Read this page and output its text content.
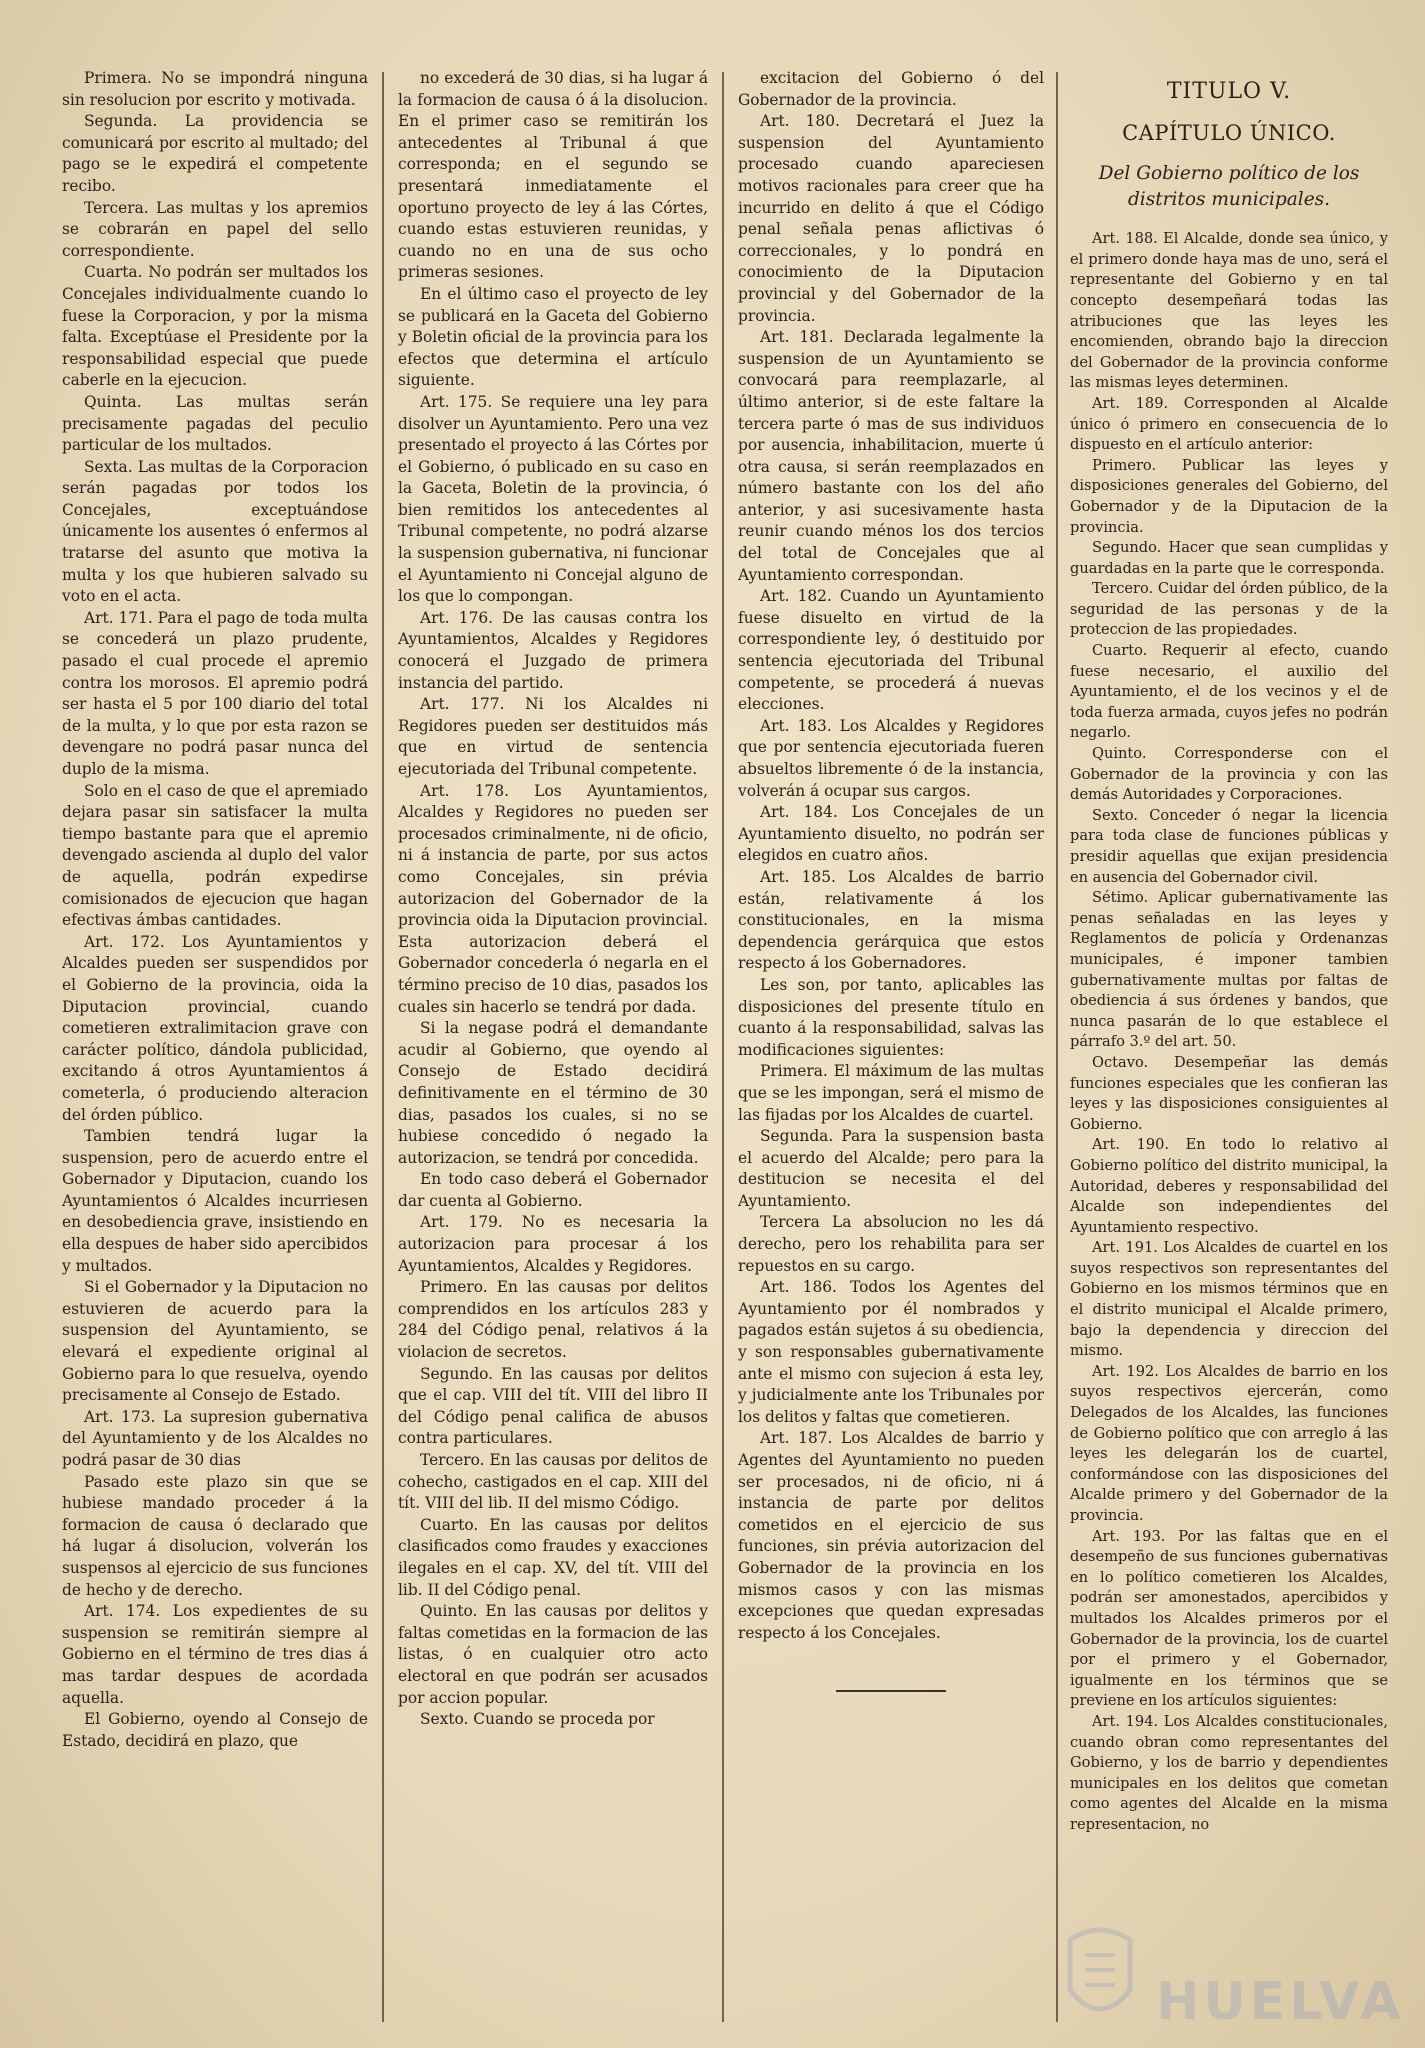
Primera. No se impondrá ninguna sin resolucion por escrito y motivada.

Segunda. La providencia se comunicará por escrito al multado; del pago se le expedirá el competente recibo.

Tercera. Las multas y los apremios se cobrarán en papel del sello correspondiente.

Cuarta. No podrán ser multados los Concejales individualmente cuando lo fuese la Corporacion, y por la misma falta. Exceptúase el Presidente por la responsabilidad especial que puede caberle en la ejecucion.

Quinta. Las multas serán precisamente pagadas del peculio particular de los multados.

Sexta. Las multas de la Corporacion serán pagadas por todos los Concejales, exceptuándose únicamente los ausentes ó enfermos al tratarse del asunto que motiva la multa y los que hubieren salvado su voto en el acta.

Art. 171. Para el pago de toda multa se concederá un plazo prudente, pasado el cual procede el apremio contra los morosos. El apremio podrá ser hasta el 5 por 100 diario del total de la multa, y lo que por esta razon se devengare no podrá pasar nunca del duplo de la misma.

Solo en el caso de que el apremiado dejara pasar sin satisfacer la multa tiempo bastante para que el apremio devengado ascienda al duplo del valor de aquella, podrán expedirse comisionados de ejecucion que hagan efectivas ámbas cantidades.

Art. 172. Los Ayuntamientos y Alcaldes pueden ser suspendidos por el Gobierno de la provincia, oida la Diputacion provincial, cuando cometieren extralimitacion grave con carácter político, dándola publicidad, excitando á otros Ayuntamientos á cometerla, ó produciendo alteracion del órden público.

Tambien tendrá lugar la suspension, pero de acuerdo entre el Gobernador y Diputacion, cuando los Ayuntamientos ó Alcaldes incurriesen en desobediencia grave, insistiendo en ella despues de haber sido apercibidos y multados.

Si el Gobernador y la Diputacion no estuvieren de acuerdo para la suspension del Ayuntamiento, se elevará el expediente original al Gobierno para lo que resuelva, oyendo precisamente al Consejo de Estado.

Art. 173. La supresion gubernativa del Ayuntamiento y de los Alcaldes no podrá pasar de 30 dias

Pasado este plazo sin que se hubiese mandado proceder á la formacion de causa ó declarado que há lugar á disolucion, volverán los suspensos al ejercicio de sus funciones de hecho y de derecho.

Art. 174. Los expedientes de su suspension se remitirán siempre al Gobierno en el término de tres dias á mas tardar despues de acordada aquella.

El Gobierno, oyendo al Consejo de Estado, decidirá en plazo, que

no excederá de 30 dias, si ha lugar á la formacion de causa ó á la disolucion. En el primer caso se remitirán los antecedentes al Tribunal á que corresponda; en el segundo se presentará inmediatamente el oportuno proyecto de ley á las Córtes, cuando estas estuvieren reunidas, y cuando no en una de sus ocho primeras sesiones.

En el último caso el proyecto de ley se publicará en la Gaceta del Gobierno y Boletin oficial de la provincia para los efectos que determina el artículo siguiente.

Art. 175. Se requiere una ley para disolver un Ayuntamiento. Pero una vez presentado el proyecto á las Córtes por el Gobierno, ó publicado en su caso en la Gaceta, Boletin de la provincia, ó bien remitidos los antecedentes al Tribunal competente, no podrá alzarse la suspension gubernativa, ni funcionar el Ayuntamiento ni Concejal alguno de los que lo compongan.

Art. 176. De las causas contra los Ayuntamientos, Alcaldes y Regidores conocerá el Juzgado de primera instancia del partido.

Art. 177. Ni los Alcaldes ni Regidores pueden ser destituidos más que en virtud de sentencia ejecutoriada del Tribunal competente.

Art. 178. Los Ayuntamientos, Alcaldes y Regidores no pueden ser procesados criminalmente, ni de oficio, ni á instancia de parte, por sus actos como Concejales, sin prévia autorizacion del Gobernador de la provincia oida la Diputacion provincial. Esta autorizacion deberá el Gobernador concederla ó negarla en el término preciso de 10 dias, pasados los cuales sin hacerlo se tendrá por dada.

Si la negase podrá el demandante acudir al Gobierno, que oyendo al Consejo de Estado decidirá definitivamente en el término de 30 dias, pasados los cuales, si no se hubiese concedido ó negado la autorizacion, se tendrá por concedida.

En todo caso deberá el Gobernador dar cuenta al Gobierno.

Art. 179. No es necesaria la autorizacion para procesar á los Ayuntamientos, Alcaldes y Regidores.

Primero. En las causas por delitos comprendidos en los artículos 283 y 284 del Código penal, relativos á la violacion de secretos.

Segundo. En las causas por delitos que el cap. VIII del tít. VIII del libro II del Código penal califica de abusos contra particulares.

Tercero. En las causas por delitos de cohecho, castigados en el cap. XIII del tít. VIII del lib. II del mismo Código.

Cuarto. En las causas por delitos clasificados como fraudes y exacciones ilegales en el cap. XV, del tít. VIII del lib. II del Código penal.

Quinto. En las causas por delitos y faltas cometidas en la formacion de las listas, ó en cualquier otro acto electoral en que podrán ser acusados por accion popular.

Sexto. Cuando se proceda por

excitacion del Gobierno ó del Gobernador de la provincia.

Art. 180. Decretará el Juez la suspension del Ayuntamiento procesado cuando apareciesen motivos racionales para creer que ha incurrido en delito á que el Código penal señala penas aflictivas ó correccionales, y lo pondrá en conocimiento de la Diputacion provincial y del Gobernador de la provincia.

Art. 181. Declarada legalmente la suspension de un Ayuntamiento se convocará para reemplazarle, al último anterior, si de este faltare la tercera parte ó mas de sus individuos por ausencia, inhabilitacion, muerte ú otra causa, si serán reemplazados en número bastante con los del año anterior, y asi sucesivamente hasta reunir cuando ménos los dos tercios del total de Concejales que al Ayuntamiento correspondan.

Art. 182. Cuando un Ayuntamiento fuese disuelto en virtud de la correspondiente ley, ó destituido por sentencia ejecutoriada del Tribunal competente, se procederá á nuevas elecciones.

Art. 183. Los Alcaldes y Regidores que por sentencia ejecutoriada fueren absueltos libremente ó de la instancia, volverán á ocupar sus cargos.

Art. 184. Los Concejales de un Ayuntamiento disuelto, no podrán ser elegidos en cuatro años.

Art. 185. Los Alcaldes de barrio están, relativamente á los constitucionales, en la misma dependencia gerárquica que estos respecto á los Gobernadores.

Les son, por tanto, aplicables las disposiciones del presente título en cuanto á la responsabilidad, salvas las modificaciones siguientes:

Primera. El máximum de las multas que se les impongan, será el mismo de las fijadas por los Alcaldes de cuartel.

Segunda. Para la suspension basta el acuerdo del Alcalde; pero para la destitucion se necesita el del Ayuntamiento.

Tercera La absolucion no les dá derecho, pero los rehabilita para ser repuestos en su cargo.

Art. 186. Todos los Agentes del Ayuntamiento por él nombrados y pagados están sujetos á su obediencia, y son responsables gubernativamente ante el mismo con sujecion á esta ley, y judicialmente ante los Tribunales por los delitos y faltas que cometieren.

Art. 187. Los Alcaldes de barrio y Agentes del Ayuntamiento no pueden ser procesados, ni de oficio, ni á instancia de parte por delitos cometidos en el ejercicio de sus funciones, sin prévia autorizacion del Gobernador de la provincia en los mismos casos y con las mismas excepciones que quedan expresadas respecto á los Concejales.

TITULO V.

CAPÍTULO ÚNICO.

Del Gobierno político de los distritos municipales.

Art. 188. El Alcalde, donde sea único, y el primero donde haya mas de uno, será el representante del Gobierno y en tal concepto desempeñará todas las atribuciones que las leyes les encomienden, obrando bajo la direccion del Gobernador de la provincia conforme las mismas leyes determinen.

Art. 189. Corresponden al Alcalde único ó primero en consecuencia de lo dispuesto en el artículo anterior:

Primero. Publicar las leyes y disposiciones generales del Gobierno, del Gobernador y de la Diputacion de la provincia.

Segundo. Hacer que sean cumplidas y guardadas en la parte que le corresponda.

Tercero. Cuidar del órden público, de la seguridad de las personas y de la proteccion de las propiedades.

Cuarto. Requerir al efecto, cuando fuese necesario, el auxilio del Ayuntamiento, el de los vecinos y el de toda fuerza armada, cuyos jefes no podrán negarlo.

Quinto. Corresponderse con el Gobernador de la provincia y con las demás Autoridades y Corporaciones.

Sexto. Conceder ó negar la licencia para toda clase de funciones públicas y presidir aquellas que exijan presidencia en ausencia del Gobernador civil.

Sétimo. Aplicar gubernativamente las penas señaladas en las leyes y Reglamentos de policía y Ordenanzas municipales, é imponer tambien gubernativamente multas por faltas de obediencia á sus órdenes y bandos, que nunca pasarán de lo que establece el párrafo 3.º del art. 50.

Octavo. Desempeñar las demás funciones especiales que les confieran las leyes y las disposiciones consiguientes al Gobierno.

Art. 190. En todo lo relativo al Gobierno político del distrito municipal, la Autoridad, deberes y responsabilidad del Alcalde son independientes del Ayuntamiento respectivo.

Art. 191. Los Alcaldes de cuartel en los suyos respectivos son representantes del Gobierno en los mismos términos que en el distrito municipal el Alcalde primero, bajo la dependencia y direccion del mismo.

Art. 192. Los Alcaldes de barrio en los suyos respectivos ejercerán, como Delegados de los Alcaldes, las funciones de Gobierno político que con arreglo á las leyes les delegarán los de cuartel, conformándose con las disposiciones del Alcalde primero y del Gobernador de la provincia.

Art. 193. Por las faltas que en el desempeño de sus funciones gubernativas en lo político cometieren los Alcaldes, podrán ser amonestados, apercibidos y multados los Alcaldes primeros por el Gobernador de la provincia, los de cuartel por el primero y el Gobernador, igualmente en los términos que se previene en los artículos siguientes:

Art. 194. Los Alcaldes constitucionales, cuando obran como representantes del Gobierno, y los de barrio y dependientes municipales en los delitos que cometan como agentes del Alcalde en la misma representacion, no

HUELVA
